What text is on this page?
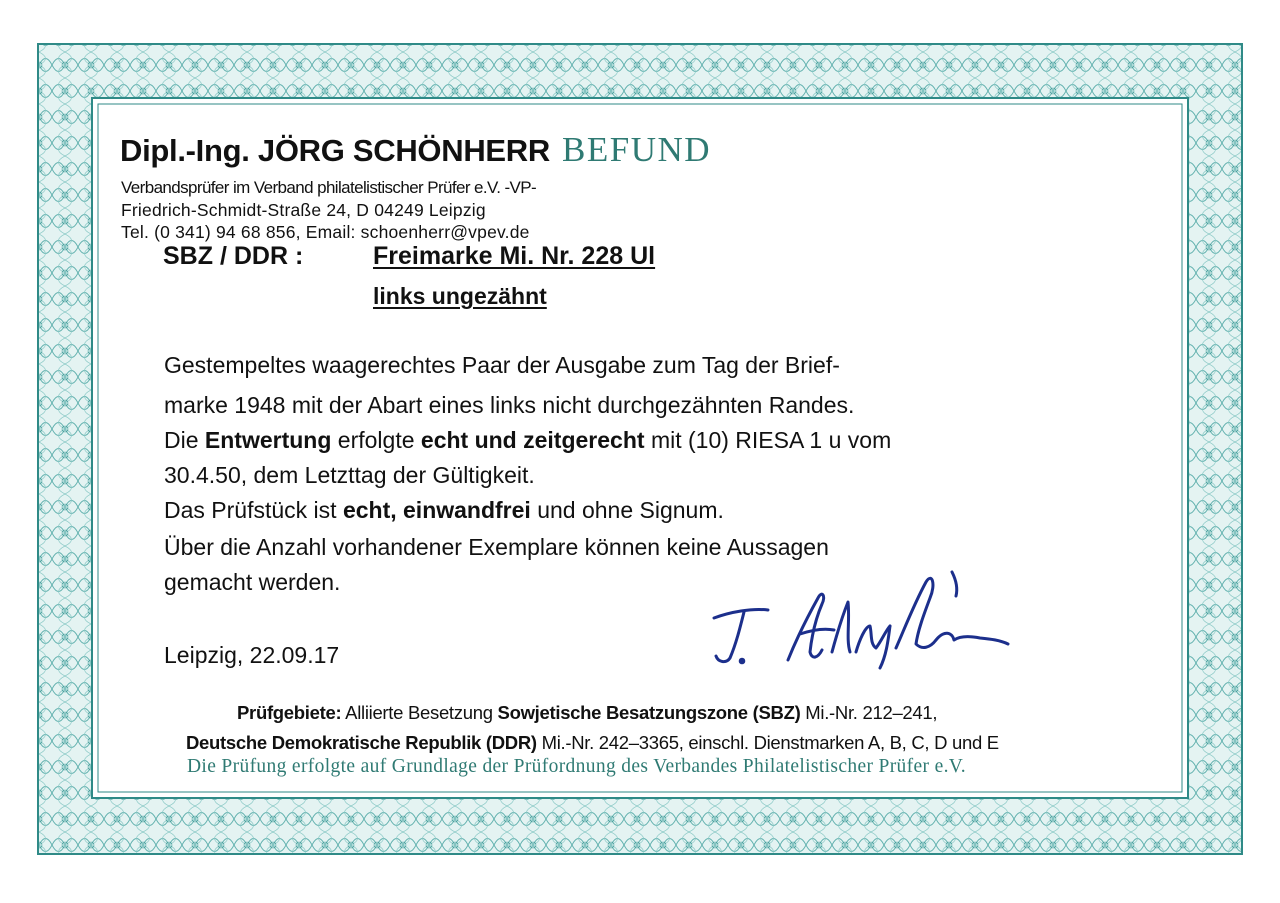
Dipl.-Ing. JÖRG SCHÖNHERR BEFUND
Verbandsprüfer im Verband philatelistischer Prüfer e.V. -VP-
Friedrich-Schmidt-Straße 24, D 04249 Leipzig
Tel. (0 341) 94 68 856, Email: schoenherr@vpev.de
SBZ / DDR :	Freimarke Mi. Nr. 228 Ul
links ungezähnt
Gestempeltes waagerechtes Paar der Ausgabe zum Tag der Brief-
marke 1948 mit der Abart eines links nicht durchgezähnten Randes.
Die Entwertung erfolgte echt und zeitgerecht mit (10) RIESA 1 u vom
30.4.50, dem Letzttag der Gültigkeit.
Das Prüfstück ist echt, einwandfrei und ohne Signum.
Über die Anzahl vorhandener Exemplare können keine Aussagen
gemacht werden.
Leipzig, 22.09.17
Prüfgebiete: Alliierte Besetzung Sowjetische Besatzungszone (SBZ) Mi.-Nr. 212–241,
Deutsche Demokratische Republik (DDR) Mi.-Nr. 242–3365, einschl. Dienstmarken A, B, C, D und E
Die Prüfung erfolgte auf Grundlage der Prüfordnung des Verbandes Philatelistischer Prüfer e.V.
